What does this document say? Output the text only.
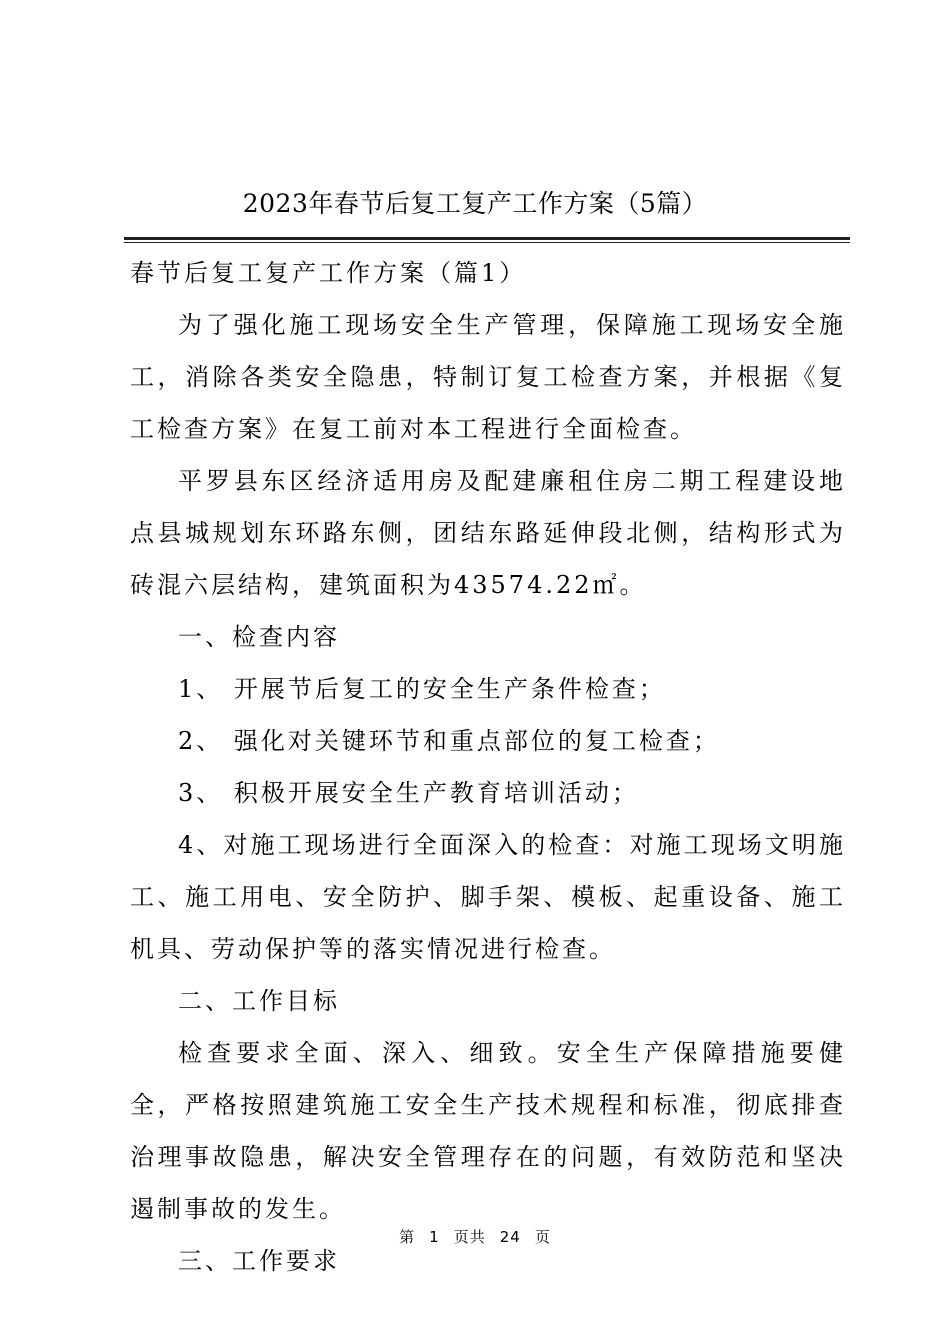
2023年春节后复工复产工作方案（5篇）

春节后复工复产工作方案（篇1）

为了强化施工现场安全生产管理，保障施工现场安全施工，消除各类安全隐患，特制订复工检查方案，并根据《复工检查方案》在复工前对本工程进行全面检查。

平罗县东区经济适用房及配建廉租住房二期工程建设地点县城规划东环路东侧，团结东路延伸段北侧，结构形式为砖混六层结构，建筑面积为43574.22㎡。

一、检查内容

1、 开展节后复工的安全生产条件检查；

2、 强化对关键环节和重点部位的复工检查；

3、 积极开展安全生产教育培训活动；

4、对施工现场进行全面深入的检查：对施工现场文明施工、施工用电、安全防护、脚手架、模板、起重设备、施工机具、劳动保护等的落实情况进行检查。

二、工作目标

检查要求全面、深入、细致。安全生产保障措施要健全，严格按照建筑施工安全生产技术规程和标准，彻底排查治理事故隐患，解决安全管理存在的问题，有效防范和坚决遏制事故的发生。

三、工作要求

第 1 页共 24 页
